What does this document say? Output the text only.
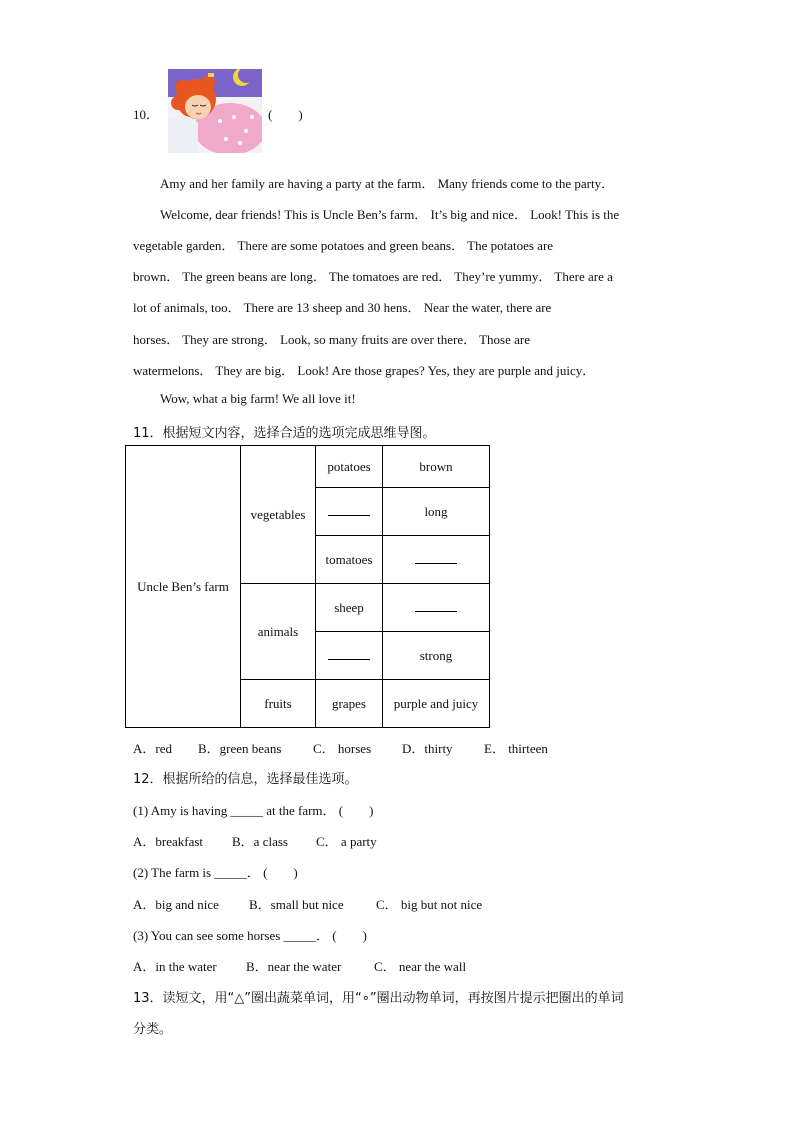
10．	(　　)
Amy and her family are having a party at the farm． Many friends come to the party．
Welcome, dear friends! This is Uncle Ben’s farm． It’s big and nice． Look! This is the
vegetable garden． There are some potatoes and green beans． The potatoes are
brown． The green beans are long． The tomatoes are red． They’re yummy． There are a
lot of animals, too． There are 13 sheep and 30 hens． Near the water, there are
horses． They are strong． Look, so many fruits are over there． Those are
watermelons． They are big． Look! Are those grapes? Yes, they are purple and juicy．
Wow, what a big farm! We all love it!
11．根据短文内容，选择合适的选项完成思维导图。
Uncle Ben’s farm	vegetables	potatoes	brown
			long
		tomatoes	
	animals	sheep	
			strong
	fruits	grapes	purple and juicy
A．red B．green beans C． horses D．thirty E． thirteen
12．根据所给的信息，选择最佳选项。
(1) Amy is having _____ at the farm． (　　)
A．breakfast B．a class C． a party
(2) The farm is _____． (　　)
A．big and nice B．small but nice C． big but not nice
(3) You can see some horses _____． (　　)
A．in the water B．near the water	C． near the wall
13．读短文，用“△”圈出蔬菜单词，用“∘”圈出动物单词，再按图片提示把圈出的单词
分类。
